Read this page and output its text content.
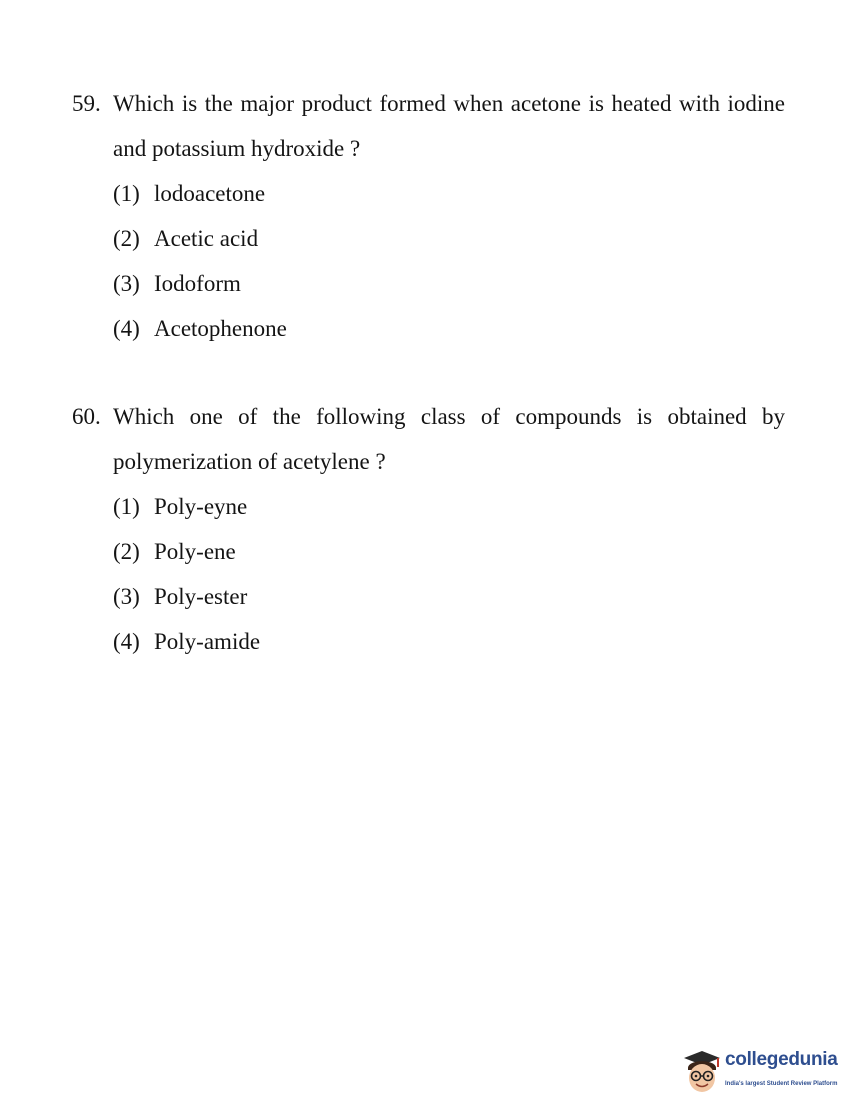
59. Which is the major product formed when acetone is heated with iodine and potassium hydroxide ?
(1) lodoacetone
(2) Acetic acid
(3) Iodoform
(4) Acetophenone
60. Which one of the following class of compounds is obtained by polymerization of acetylene ?
(1) Poly-eyne
(2) Poly-ene
(3) Poly-ester
(4) Poly-amide
collegedunia
India's largest Student Review Platform
